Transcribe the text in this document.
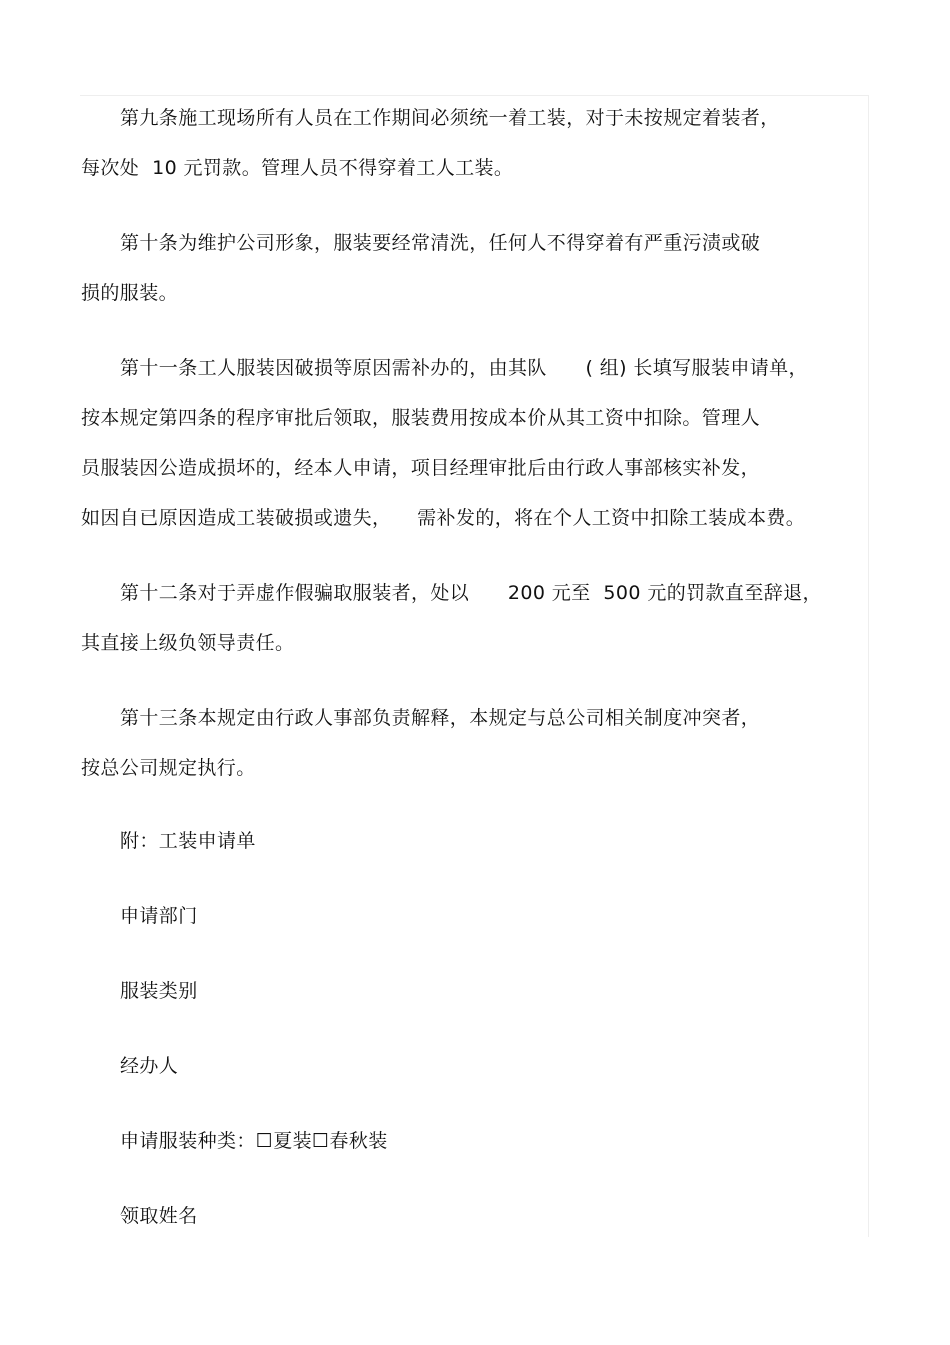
第九条施工现场所有人员在工作期间必须统一着工装，对于未按规定着装者，
每次处  10 元罚款。管理人员不得穿着工人工装。
第十条为维护公司形象，服装要经常清洗，任何人不得穿着有严重污渍或破
损的服装。
第十一条工人服装因破损等原因需补办的，由其队      ( 组) 长填写服装申请单，
按本规定第四条的程序审批后领取，服装费用按成本价从其工资中扣除。管理人
员服装因公造成损坏的，经本人申请，项目经理审批后由行政人事部核实补发，
如因自已原因造成工装破损或遗失，    需补发的，将在个人工资中扣除工装成本费。
第十二条对于弄虚作假骗取服装者，处以      200 元至  500 元的罚款直至辞退，
其直接上级负领导责任。
第十三条本规定由行政人事部负责解释，本规定与总公司相关制度冲突者，
按总公司规定执行。
附：工装申请单
申请部门
服装类别
经办人
申请服装种类：☐夏装☐春秋装
领取姓名
